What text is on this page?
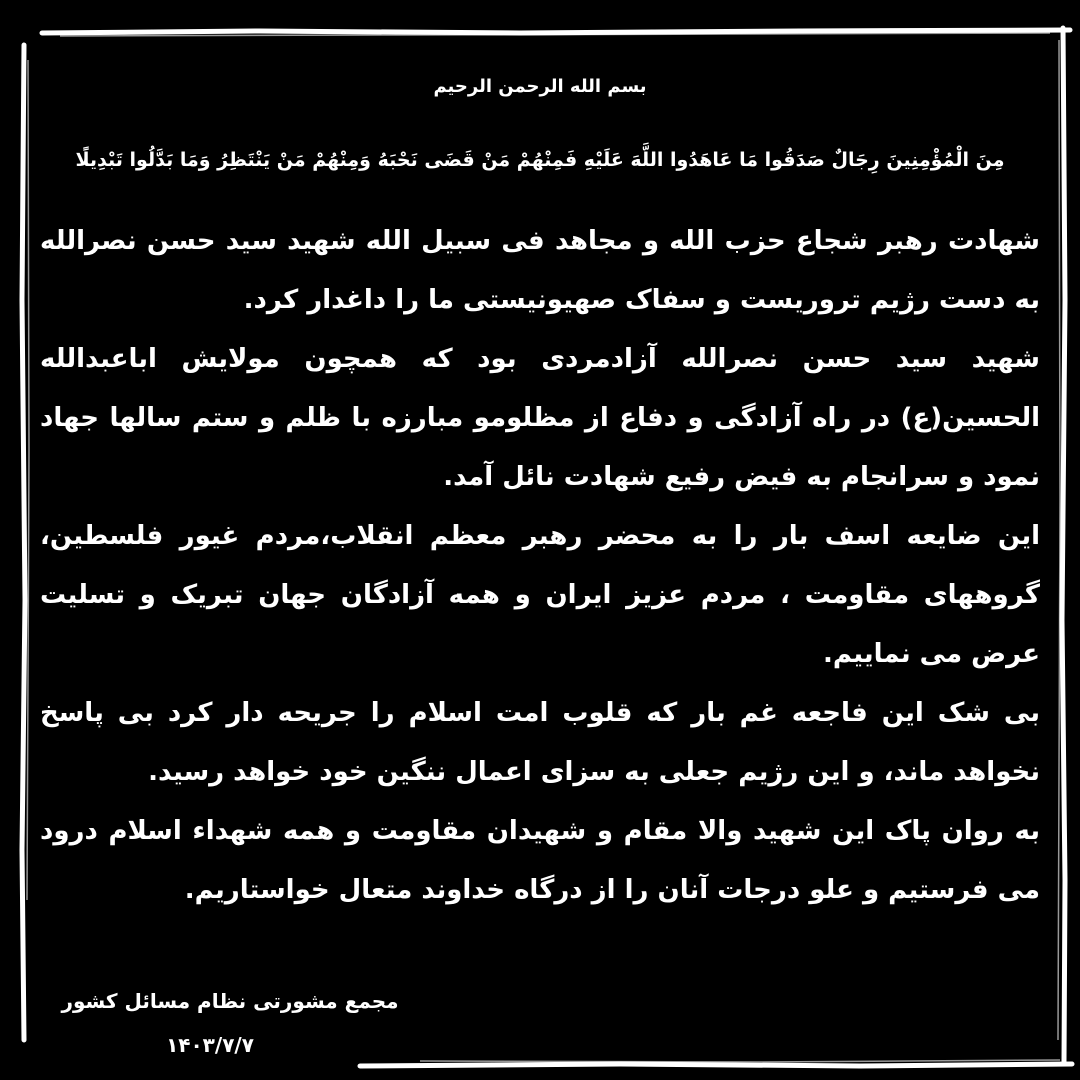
بسم الله الرحمن الرحيم
مِنَ الْمُؤْمِنِينَ رِجَالٌ صَدَقُوا مَا عَاهَدُوا اللَّهَ عَلَيْهِ فَمِنْهُمْ مَنْ قَضَى نَحْبَهُ وَمِنْهُمْ مَنْ يَنْتَظِرُ وَمَا بَدَّلُوا تَبْدِيلًا

شهادت رهبر شجاع حزب الله و مجاهد فی سبیل الله شهید سید حسن نصرالله به دست رژیم تروریست و سفاک صهیونیستی ما را داغدار کرد.

شهید سید حسن نصرالله آزادمردی بود که همچون مولایش اباعبدالله الحسین(ع) در راه آزادگی و دفاع از مظلومو مبارزه با ظلم و ستم سالها جهاد نمود و سرانجام به فیض رفیع شهادت نائل آمد.

این ضایعه اسف بار را به محضر رهبر معظم انقلاب،مردم غیور فلسطین، گروههای مقاومت ، مردم عزیز ایران و همه آزادگان جهان تبریک و تسلیت عرض می نماییم.

بی شک این فاجعه غم بار که قلوب امت اسلام را جریحه دار کرد بی پاسخ نخواهد ماند، و این رژیم جعلی به سزای اعمال ننگین خود خواهد رسید.

به روان پاک این شهید والا مقام و شهیدان مقاومت و همه شهداء اسلام درود می فرستیم و علو درجات آنان را از درگاه خداوند متعال خواستاریم.

مجمع مشورتی نظام مسائل کشور
۱۴۰۳/۷/۷
